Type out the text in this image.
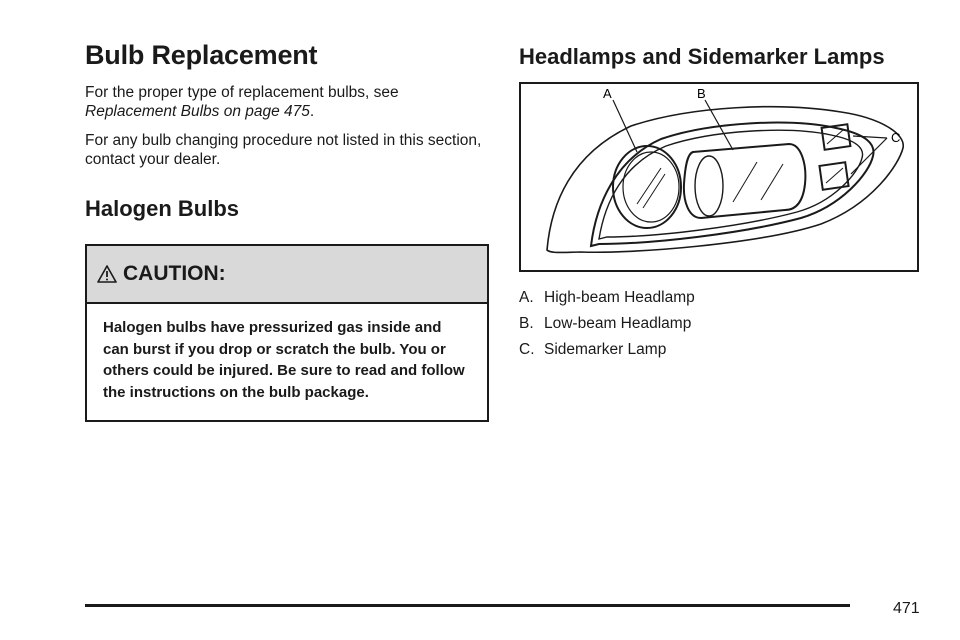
Bulb Replacement

For the proper type of replacement bulbs, see Replacement Bulbs on page 475.

For any bulb changing procedure not listed in this section, contact your dealer.

Halogen Bulbs
CAUTION:
Halogen bulbs have pressurized gas inside and can burst if you drop or scratch the bulb. You or others could be injured. Be sure to read and follow the instructions on the bulb package.
Headlamps and Sidemarker Lamps
A	B
C
A. High-beam Headlamp
B. Low-beam Headlamp
C. Sidemarker Lamp
471
